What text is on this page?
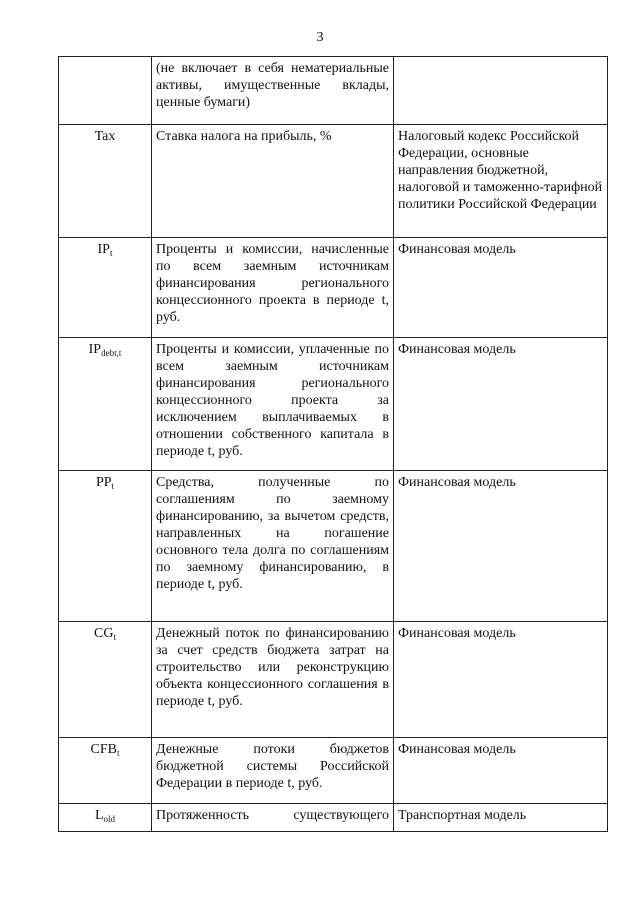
3
	(не включает в себя нематериальные активы, имущественные вклады, ценные бумаги)	
Tax	Ставка налога на прибыль, %	Налоговый кодекс Российской Федерации, основные направления бюджетной, налоговой и таможенно-тарифной политики Российской Федерации
$IP_t$	Проценты и комиссии, начисленные по всем заемным источникам финансирования регионального концессионного проекта в периоде t, руб.	Финансовая модель
$IP_{debt,t}$	Проценты и комиссии, уплаченные по всем заемным источникам финансирования регионального концессионного проекта за исключением выплачиваемых в отношении собственного капитала в периоде t, руб.	Финансовая модель
$PP_t$	Средства, полученные по соглашениям по заемному финансированию, за вычетом средств, направленных на погашение основного тела долга по соглашениям по заемному финансированию, в периоде t, руб.	Финансовая модель
$CG_t$	Денежный поток по финансированию за счет средств бюджета затрат на строительство или реконструкцию объекта концессионного соглашения в периоде t, руб.	Финансовая модель
$CFB_t$	Денежные потоки бюджетов бюджетной системы Российской Федерации в периоде t, руб.	Финансовая модель
$L_{old}$	Протяженность существующего	Транспортная модель
